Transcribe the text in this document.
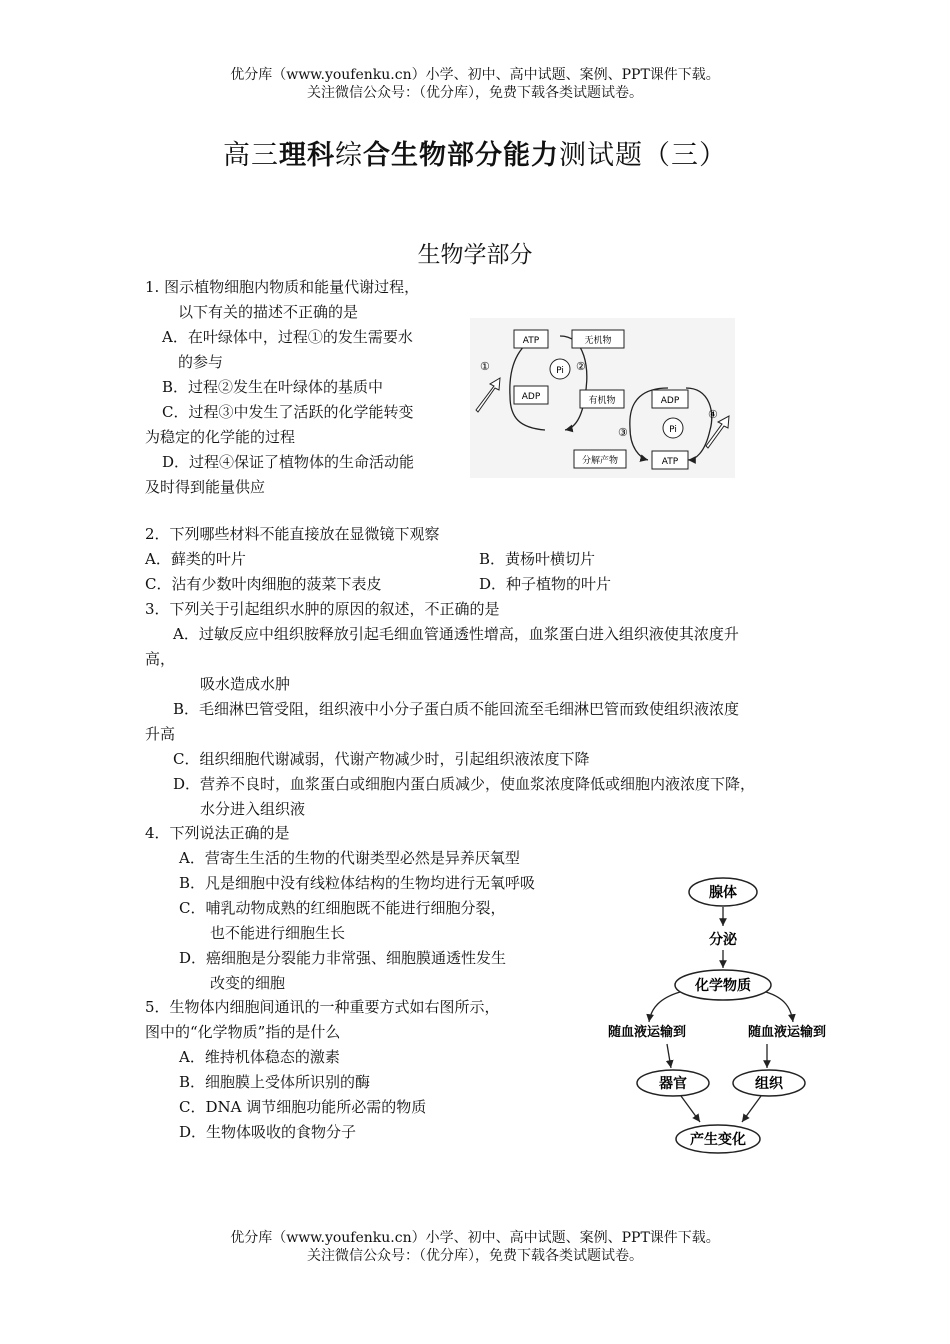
优分库（www.youfenku.cn）小学、初中、高中试题、案例、PPT课件下载。
关注微信公众号：（优分库），免费下载各类试题试卷。
高三理科综合生物部分能力测试题（三）
生物学部分
1. 图示植物细胞内物质和能量代谢过程，
以下有关的描述不正确的是
A．在叶绿体中，过程①的发生需要水
的参与
B．过程②发生在叶绿体的基质中
C．过程③中发生了活跃的化学能转变
为稳定的化学能的过程
D．过程④保证了植物体的生命活动能
及时得到能量供应
ATP
ADP
Pi
无机物
有机物
①	②
ADP
Pi
ATP
分解产物
③
④
2．下列哪些材料不能直接放在显微镜下观察
A．藓类的叶片	B．黄杨叶横切片
C．沾有少数叶肉细胞的菠菜下表皮	D．种子植物的叶片
3．下列关于引起组织水肿的原因的叙述，不正确的是
A．过敏反应中组织胺释放引起毛细血管通透性增高，血浆蛋白进入组织液使其浓度升
高，
吸水造成水肿
B．毛细淋巴管受阻，组织液中小分子蛋白质不能回流至毛细淋巴管而致使组织液浓度
升高
C．组织细胞代谢减弱，代谢产物减少时，引起组织液浓度下降
D．营养不良时，血浆蛋白或细胞内蛋白质减少，使血浆浓度降低或细胞内液浓度下降，
水分进入组织液
4．下列说法正确的是
A．营寄生生活的生物的代谢类型必然是异养厌氧型
B．凡是细胞中没有线粒体结构的生物均进行无氧呼吸
C．哺乳动物成熟的红细胞既不能进行细胞分裂，
也不能进行细胞生长
D．癌细胞是分裂能力非常强、细胞膜通透性发生
改变的细胞
5．生物体内细胞间通讯的一种重要方式如右图所示，
图中的“化学物质”指的是什么
A．维持机体稳态的激素
B．细胞膜上受体所识别的酶
C．DNA 调节细胞功能所必需的物质
D．生物体吸收的食物分子
腺体
分泌
化学物质
随血液运输到	随血液运输到
器官	组织
产生变化
优分库（www.youfenku.cn）小学、初中、高中试题、案例、PPT课件下载。
关注微信公众号：（优分库），免费下载各类试题试卷。
